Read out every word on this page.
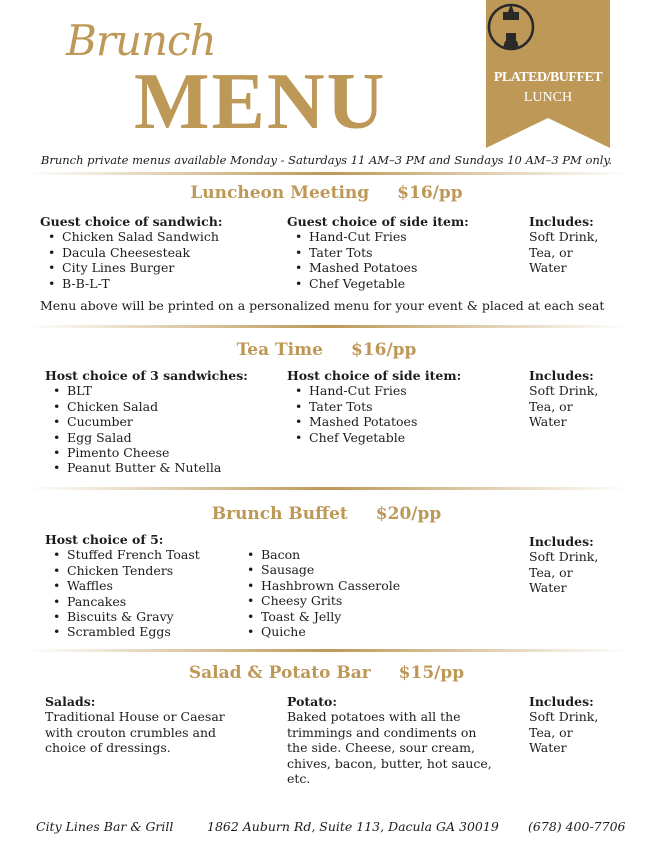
Brunch
MENU	PLATED/BUFFET
LUNCH
Brunch private menus available Monday - Saturdays 11 AM–3 PM and Sundays 10 AM–3 PM only.
Luncheon Meeting $16/pp
Guest choice of sandwich:
• Chicken Salad Sandwich
• Dacula Cheesesteak
• City Lines Burger
• B-B-L-T
Guest choice of side item:
• Hand-Cut Fries
• Tater Tots
• Mashed Potatoes
• Chef Vegetable
Includes:
Soft Drink,
Tea, or
Water
Menu above will be printed on a personalized menu for your event & placed at each seat
Tea Time $16/pp
Host choice of 3 sandwiches:
• BLT
• Chicken Salad
• Cucumber
• Egg Salad
• Pimento Cheese
• Peanut Butter & Nutella
Host choice of side item:
• Hand-Cut Fries
• Tater Tots
• Mashed Potatoes
• Chef Vegetable
Includes:
Soft Drink,
Tea, or
Water
Brunch Buffet $20/pp
Host choice of 5:
• Stuffed French Toast
• Chicken Tenders
• Waffles
• Pancakes
• Biscuits & Gravy
• Scrambled Eggs
• Bacon
• Sausage
• Hashbrown Casserole
• Cheesy Grits
• Toast & Jelly
• Quiche
Includes:
Soft Drink,
Tea, or
Water
Salad & Potato Bar $15/pp
Salads:

Traditional House or Caesar with crouton crumbles and choice of dressings.

Potato:

Baked potatoes with all the trimmings and condiments on the side. Cheese, sour cream, chives, bacon, butter, hot sauce, etc.

Includes:
Soft Drink,
Tea, or
Water
City Lines Bar & Grill	1862 Auburn Rd, Suite 113, Dacula GA 30019 (678) 400-7706
